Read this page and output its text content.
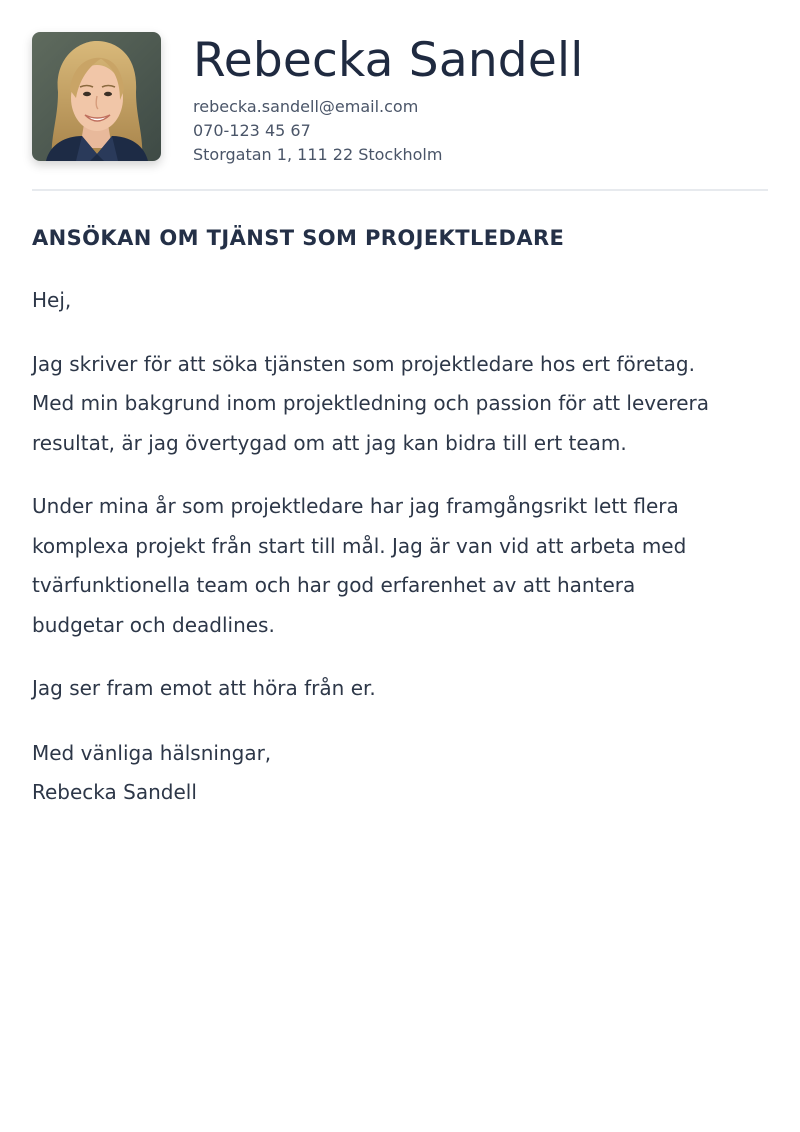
Rebecka Sandell
rebecka.sandell@email.com
070-123 45 67
Storgatan 1, 111 22 Stockholm
ANSÖKAN OM TJÄNST SOM PROJEKTLEDARE

Hej,

Jag skriver för att söka tjänsten som projektledare hos ert företag.
Med min bakgrund inom projektledning och passion för att leverera
resultat, är jag övertygad om att jag kan bidra till ert team.

Under mina år som projektledare har jag framgångsrikt lett flera
komplexa projekt från start till mål. Jag är van vid att arbeta med
tvärfunktionella team och har god erfarenhet av att hantera
budgetar och deadlines.

Jag ser fram emot att höra från er.

Med vänliga hälsningar,
Rebecka Sandell
